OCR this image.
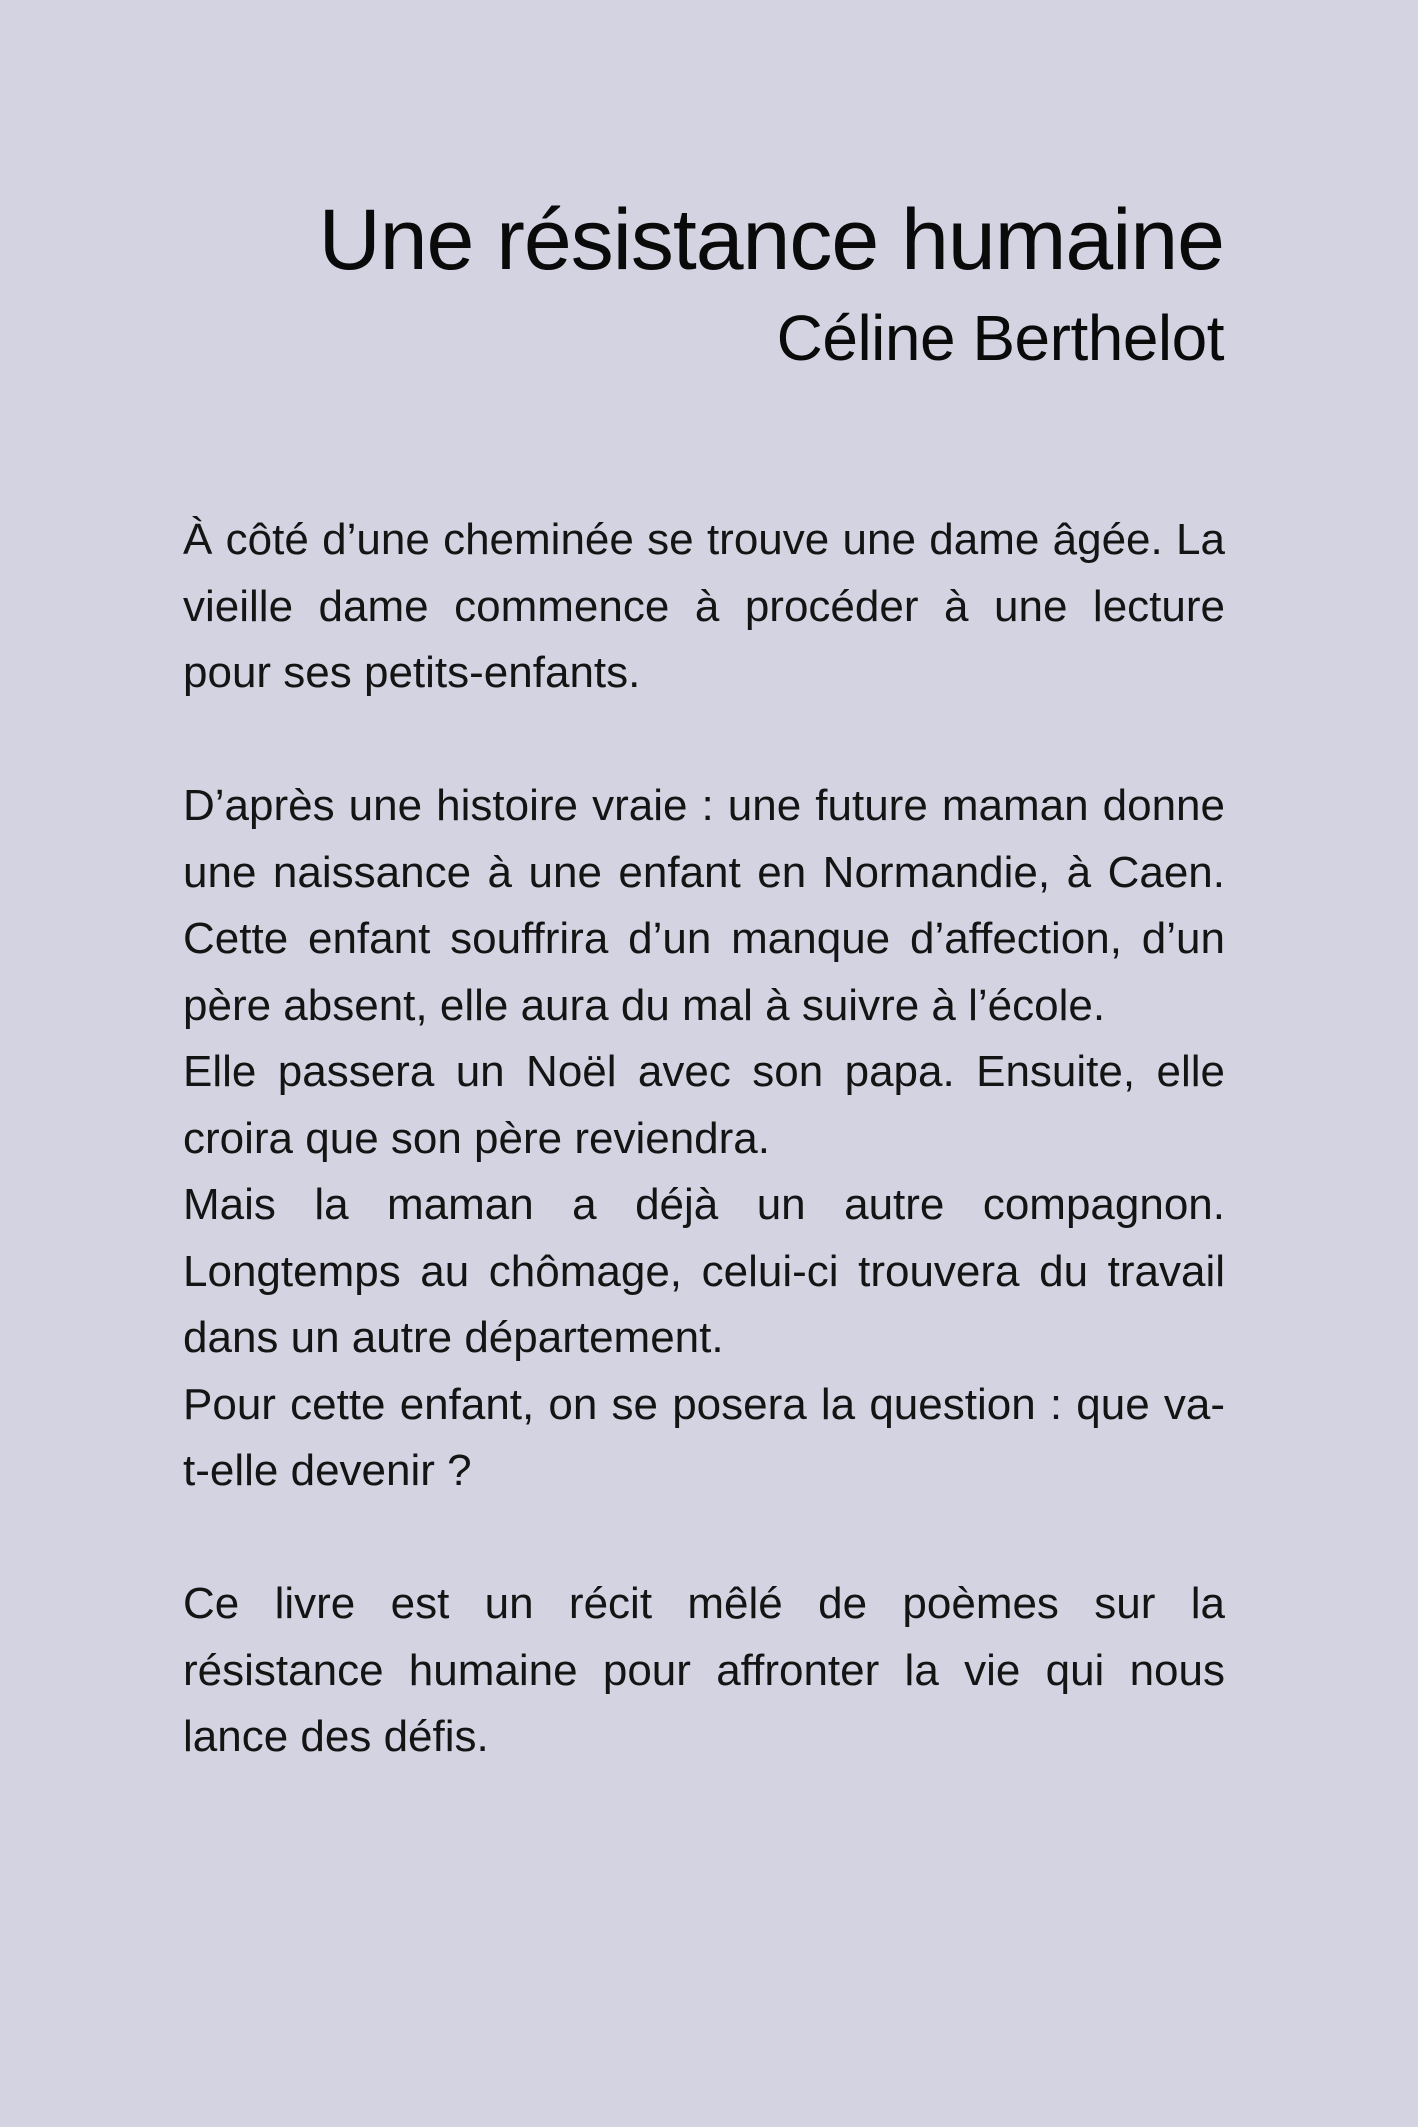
Une résistance humaine
Céline Berthelot

À côté d’une cheminée se trouve une dame âgée. La vieille dame commence à procéder à une lecture pour ses petits-enfants.

D’après une histoire vraie : une future maman donne une naissance à une enfant en Normandie, à Caen. Cette enfant souffrira d’un manque d’affection, d’un père absent, elle aura du mal à suivre à l’école.

Elle passera un Noël avec son papa. Ensuite, elle croira que son père reviendra.

Mais la maman a déjà un autre compagnon. Longtemps au chômage, celui-ci trouvera du travail dans un autre département.

Pour cette enfant, on se posera la question : que va-t-elle devenir ?

Ce livre est un récit mêlé de poèmes sur la résistance humaine pour affronter la vie qui nous lance des défis.
